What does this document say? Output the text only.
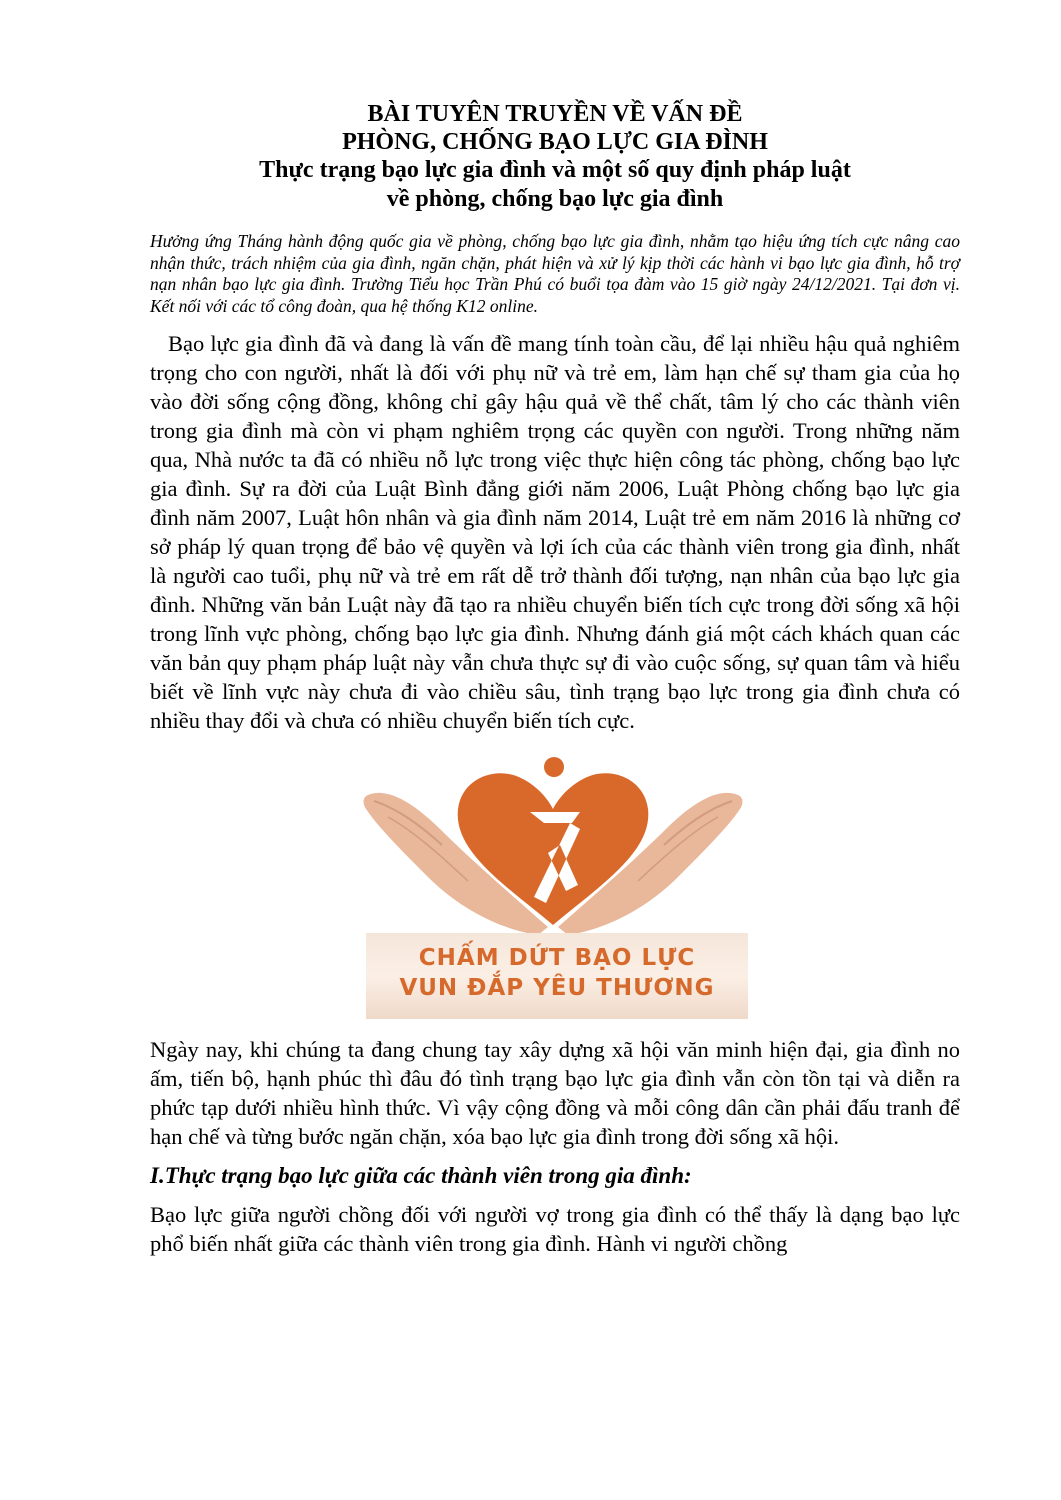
BÀI TUYÊN TRUYỀN VỀ VẤN ĐỀ
PHÒNG, CHỐNG BẠO LỰC GIA ĐÌNH
Thực trạng bạo lực gia đình và một số quy định pháp luật
về phòng, chống bạo lực gia đình

Hưởng ứng Tháng hành động quốc gia về phòng, chống bạo lực gia đình, nhằm tạo hiệu ứng tích cực nâng cao nhận thức, trách nhiệm của gia đình, ngăn chặn, phát hiện và xử lý kịp thời các hành vi bạo lực gia đình, hỗ trợ nạn nhân bạo lực gia đình. Trường Tiểu học Trần Phú có buổi tọa đàm vào 15 giờ ngày 24/12/2021. Tại đơn vị. Kết nối với các tổ công đoàn, qua hệ thống K12 online.

Bạo lực gia đình đã và đang là vấn đề mang tính toàn cầu, để lại nhiều hậu quả nghiêm trọng cho con người, nhất là đối với phụ nữ và trẻ em, làm hạn chế sự tham gia của họ vào đời sống cộng đồng, không chỉ gây hậu quả về thể chất, tâm lý cho các thành viên trong gia đình mà còn vi phạm nghiêm trọng các quyền con người. Trong những năm qua, Nhà nước ta đã có nhiều nỗ lực trong việc thực hiện công tác phòng, chống bạo lực gia đình. Sự ra đời của Luật Bình đẳng giới năm 2006, Luật Phòng chống bạo lực gia đình năm 2007, Luật hôn nhân và gia đình năm 2014, Luật trẻ em năm 2016 là những cơ sở pháp lý quan trọng để bảo vệ quyền và lợi ích của các thành viên trong gia đình, nhất là người cao tuổi, phụ nữ và trẻ em rất dễ trở thành đối tượng, nạn nhân của bạo lực gia đình. Những văn bản Luật này đã tạo ra nhiều chuyển biến tích cực trong đời sống xã hội trong lĩnh vực phòng, chống bạo lực gia đình. Nhưng đánh giá một cách khách quan các văn bản quy phạm pháp luật này vẫn chưa thực sự đi vào cuộc sống, sự quan tâm và hiểu biết về lĩnh vực này chưa đi vào chiều sâu, tình trạng bạo lực trong gia đình chưa có nhiều thay đổi và chưa có nhiều chuyển biến tích cực.

CHẤM DỨT BẠO LỰC
VUN ĐẮP YÊU THƯƠNG

Ngày nay, khi chúng ta đang chung tay xây dựng xã hội văn minh hiện đại, gia đình no ấm, tiến bộ, hạnh phúc thì đâu đó tình trạng bạo lực gia đình vẫn còn tồn tại và diễn ra phức tạp dưới nhiều hình thức. Vì vậy cộng đồng và mỗi công dân cần phải đấu tranh để hạn chế và từng bước ngăn chặn, xóa bạo lực gia đình trong đời sống xã hội.

I.Thực trạng bạo lực giữa các thành viên trong gia đình:

Bạo lực giữa người chồng đối với người vợ trong gia đình có thể thấy là dạng bạo lực phổ biến nhất giữa các thành viên trong gia đình. Hành vi người chồng
